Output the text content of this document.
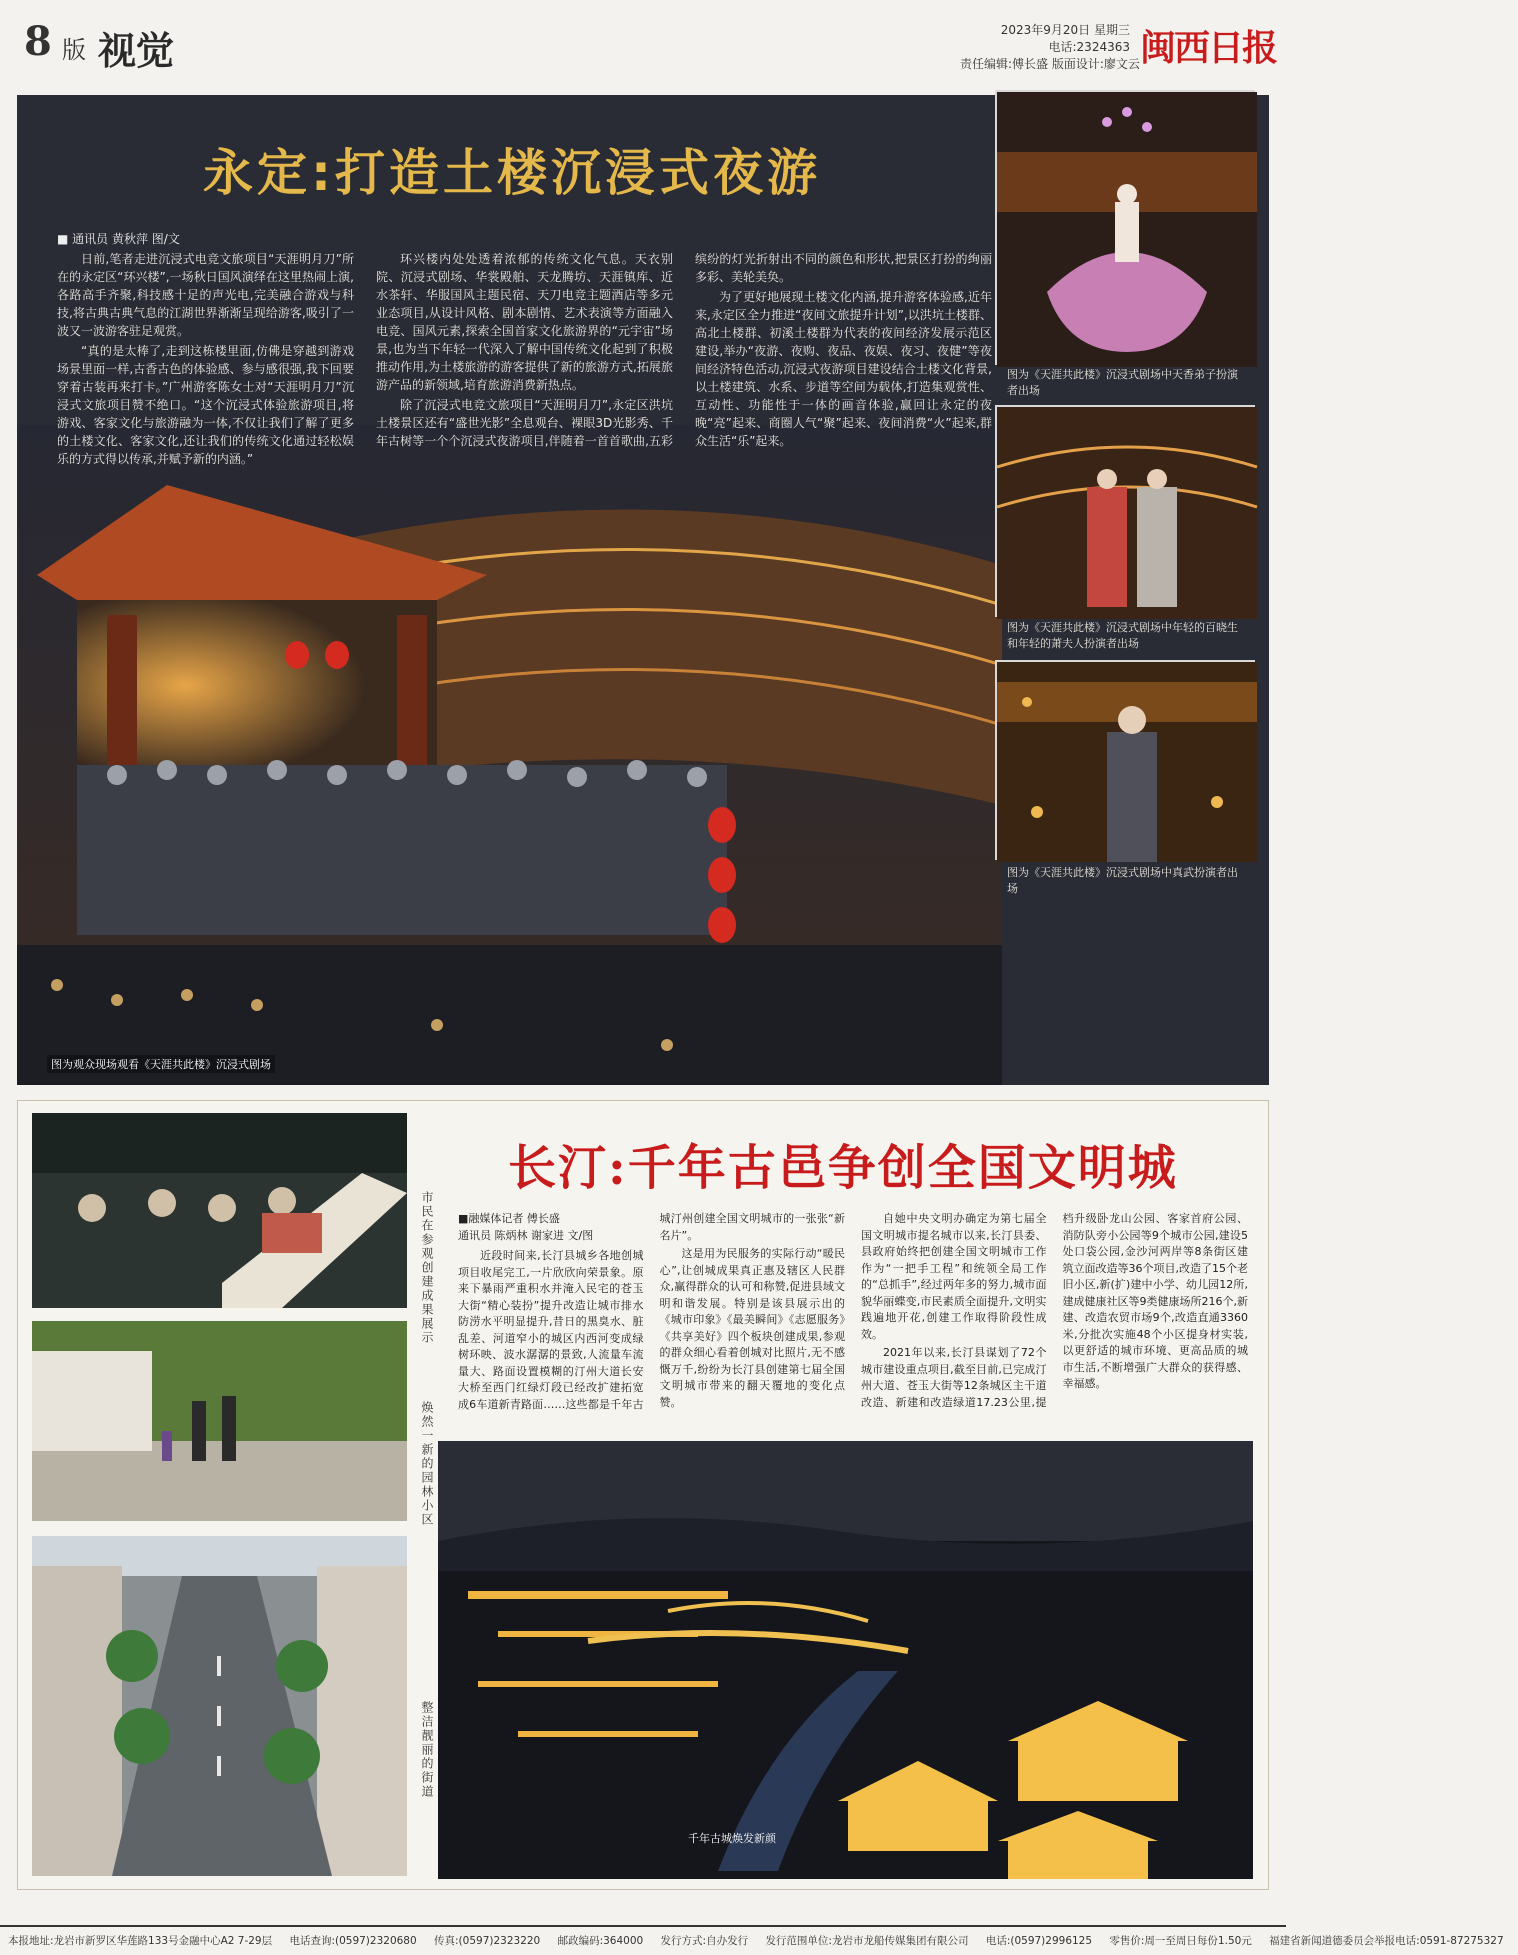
8 版 视觉	2023年9月20日 星期三
电话:2324363
责任编辑:傅长盛 版面设计:廖文云 闽西日报
永定:打造土楼沉浸式夜游
■ 通讯员 黄秋萍 图/文

日前,笔者走进沉浸式电竞文旅项目“天涯明月刀”所在的永定区“环兴楼”,一场秋日国风演绎在这里热闹上演,各路高手齐聚,科技感十足的声光电,完美融合游戏与科技,将古典古典气息的江湖世界渐渐呈现给游客,吸引了一波又一波游客驻足观赏。

“真的是太棒了,走到这栋楼里面,仿佛是穿越到游戏场景里面一样,古香古色的体验感、参与感很强,我下回要穿着古装再来打卡。”广州游客陈女士对“天涯明月刀”沉浸式文旅项目赞不绝口。“这个沉浸式体验旅游项目,将游戏、客家文化与旅游融为一体,不仅让我们了解了更多的土楼文化、客家文化,还让我们的传统文化通过轻松娱乐的方式得以传承,并赋予新的内涵。”

环兴楼内处处透着浓郁的传统文化气息。天衣别院、沉浸式剧场、华裳殿舶、天龙腾坊、天涯镇库、近水茶轩、华服国风主题民宿、天刀电竞主题酒店等多元业态项目,从设计风格、剧本剧情、艺术表演等方面融入电竞、国风元素,探索全国首家文化旅游界的“元宇宙”场景,也为当下年轻一代深入了解中国传统文化起到了积极推动作用,为土楼旅游的游客提供了新的旅游方式,拓展旅游产品的新领域,培育旅游消费新热点。

除了沉浸式电竞文旅项目“天涯明月刀”,永定区洪坑土楼景区还有“盛世光影”全息观台、裸眼3D光影秀、千年古树等一个个沉浸式夜游项目,伴随着一首首歌曲,五彩缤纷的灯光折射出不同的颜色和形状,把景区打扮的绚丽多彩、美轮美奂。

为了更好地展现土楼文化内涵,提升游客体验感,近年来,永定区全力推进“夜间文旅提升计划”,以洪坑土楼群、高北土楼群、初溪土楼群为代表的夜间经济发展示范区建设,举办“夜游、夜购、夜品、夜娱、夜习、夜健”等夜间经济特色活动,沉浸式夜游项目建设结合土楼文化背景,以土楼建筑、水系、步道等空间为载体,打造集观赏性、互动性、功能性于一体的画音体验,赢回让永定的夜晚“亮”起来、商圈人气“聚”起来、夜间消费“火”起来,群众生活“乐”起来。

图为观众现场观看《天涯共此楼》沉浸式剧场
图为《天涯共此楼》沉浸式剧场中天香弟子扮演者出场
图为《天涯共此楼》沉浸式剧场中年轻的百晓生和年轻的萧夫人扮演者出场
图为《天涯共此楼》沉浸式剧场中真武扮演者出场
长汀:千年古邑争创全国文明城
市民在参观创建成果展示
焕然一新的园林小区
整洁靓丽的街道
■融媒体记者 傅长盛
通讯员 陈炳林 谢家进 文/图

近段时间来,长汀县城乡各地创城项目收尾完工,一片欣欣向荣景象。原来下暴雨严重积水并淹入民宅的苍玉大街“精心装扮”提升改造让城市排水防涝水平明显提升,昔日的黑臭水、脏乱差、河道窄小的城区内西河变成绿树环映、波水潺潺的景致,人流量车流量大、路面设置模糊的汀州大道长安大桥至西门红绿灯段已经改扩建拓宽成6车道新青路面……这些都是千年古城汀州创建全国文明城市的一张张“新名片”。

这是用为民服务的实际行动“暖民心”,让创城成果真正惠及辖区人民群众,赢得群众的认可和称赞,促进县域文明和谐发展。特别是该县展示出的《城市印象》《最美瞬间》《志愿服务》《共享美好》四个板块创建成果,参观的群众细心看着创城对比照片,无不感慨万千,纷纷为长汀县创建第七届全国文明城市带来的翻天覆地的变化点赞。

自她中央文明办确定为第七届全国文明城市提名城市以来,长汀县委、县政府始终把创建全国文明城市工作作为“一把手工程”和统领全局工作的“总抓手”,经过两年多的努力,城市面貌华丽蝶变,市民素质全面提升,文明实践遍地开花,创建工作取得阶段性成效。

2021年以来,长汀县谋划了72个城市建设重点项目,截至目前,已完成汀州大道、苍玉大街等12条城区主干道改造、新建和改造绿道17.23公里,提档升级卧龙山公园、客家首府公园、消防队旁小公园等9个城市公园,建设5处口袋公园,金沙河两岸等8条街区建筑立面改造等36个项目,改造了15个老旧小区,新(扩)建中小学、幼儿园12所,建成健康社区等9类健康场所216个,新建、改造农贸市场9个,改造直通3360米,分批次实施48个小区提身材实装,以更舒适的城市环境、更高品质的城市生活,不断增强广大群众的获得感、幸福感。

千年古城焕发新颜
本报地址:龙岩市新罗区华莲路133号金融中心A2 7-29层 电话查询:(0597)2320680 传真:(0597)2323220 邮政编码:364000 发行方式:自办发行 发行范围单位:龙岩市龙船传媒集团有限公司 电话:(0597)2996125 零售价:周一至周日每份1.50元 福建省新闻道德委员会举报电话:0591-87275327
